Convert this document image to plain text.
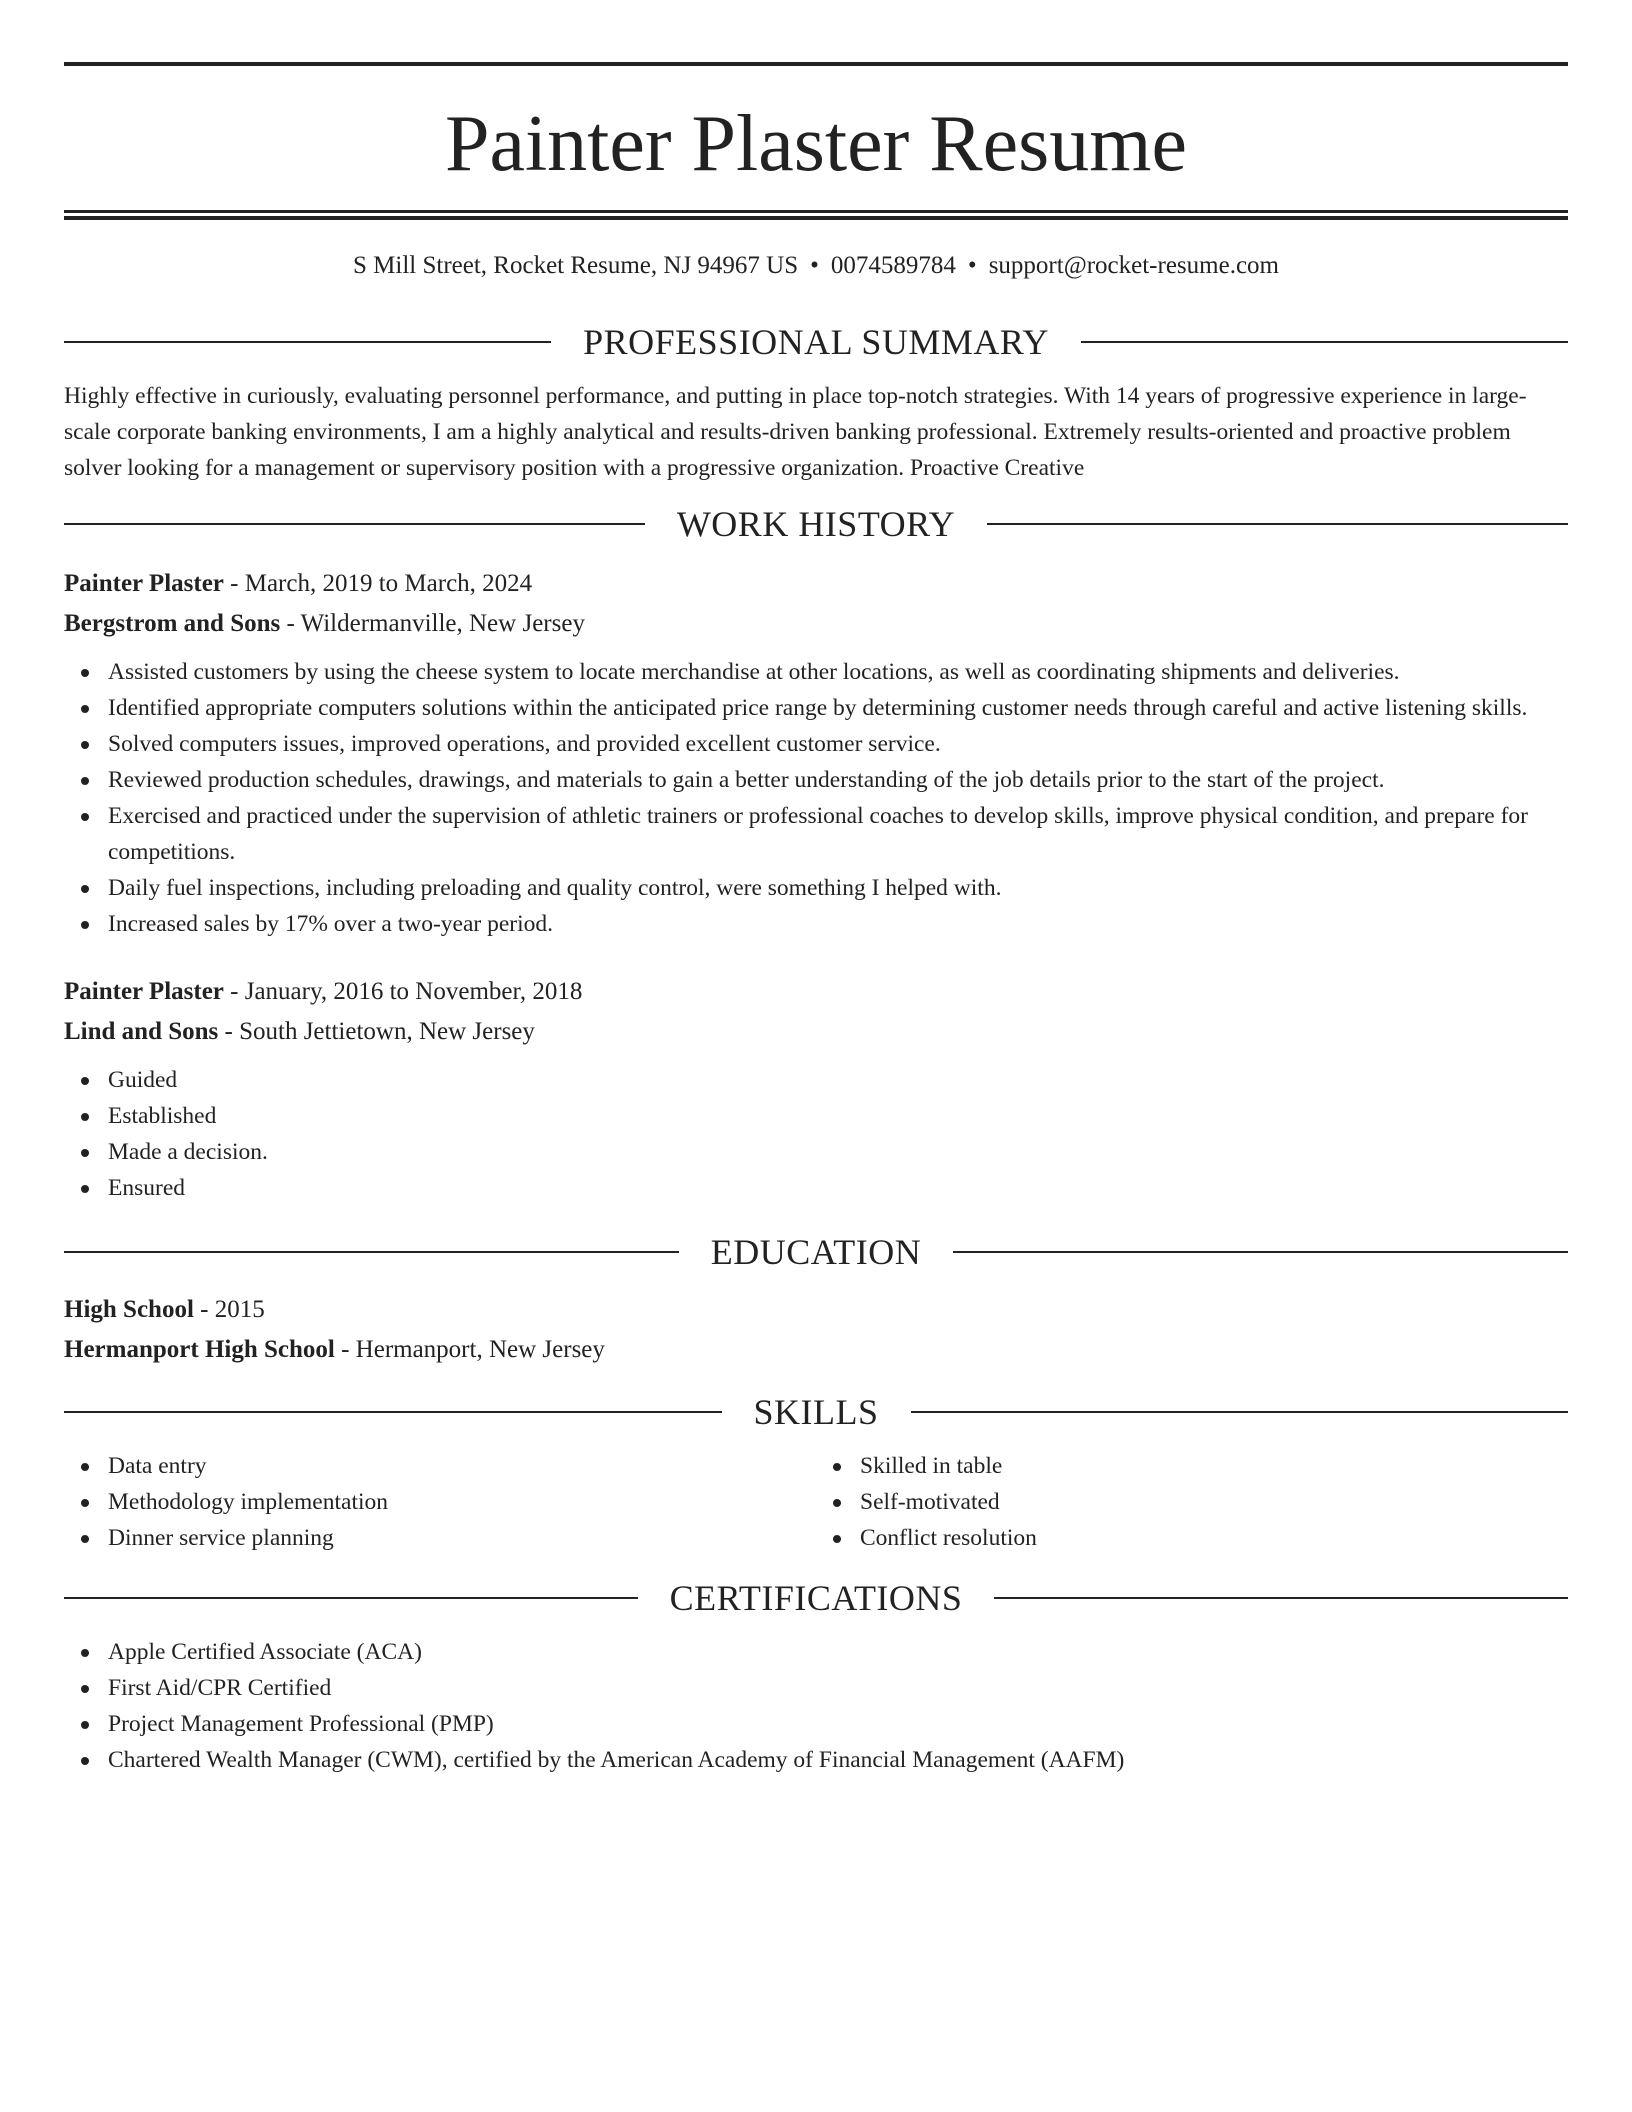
Painter Plaster Resume
S Mill Street, Rocket Resume, NJ 94967 US • 0074589784 • support@rocket-resume.com
PROFESSIONAL SUMMARY

Highly effective in curiously, evaluating personnel performance, and putting in place top-notch strategies. With 14 years of progressive experience in large-scale corporate banking environments, I am a highly analytical and results-driven banking professional. Extremely results-oriented and proactive problem solver looking for a management or supervisory position with a progressive organization. Proactive Creative

WORK HISTORY
Painter Plaster - March, 2019 to March, 2024
Bergstrom and Sons - Wildermanville, New Jersey
Assisted customers by using the cheese system to locate merchandise at other locations, as well as coordinating shipments and deliveries.
Identified appropriate computers solutions within the anticipated price range by determining customer needs through careful and active listening skills.
Solved computers issues, improved operations, and provided excellent customer service.
Reviewed production schedules, drawings, and materials to gain a better understanding of the job details prior to the start of the project.
Exercised and practiced under the supervision of athletic trainers or professional coaches to develop skills, improve physical condition, and prepare for competitions.
Daily fuel inspections, including preloading and quality control, were something I helped with.
Increased sales by 17% over a two-year period.
Painter Plaster - January, 2016 to November, 2018
Lind and Sons - South Jettietown, New Jersey
Guided
Established
Made a decision.
Ensured
EDUCATION
High School - 2015
Hermanport High School - Hermanport, New Jersey
SKILLS
Data entry
Methodology implementation
Dinner service planning
Skilled in table
Self-motivated
Conflict resolution
CERTIFICATIONS
Apple Certified Associate (ACA)
First Aid/CPR Certified
Project Management Professional (PMP)
Chartered Wealth Manager (CWM), certified by the American Academy of Financial Management (AAFM)
